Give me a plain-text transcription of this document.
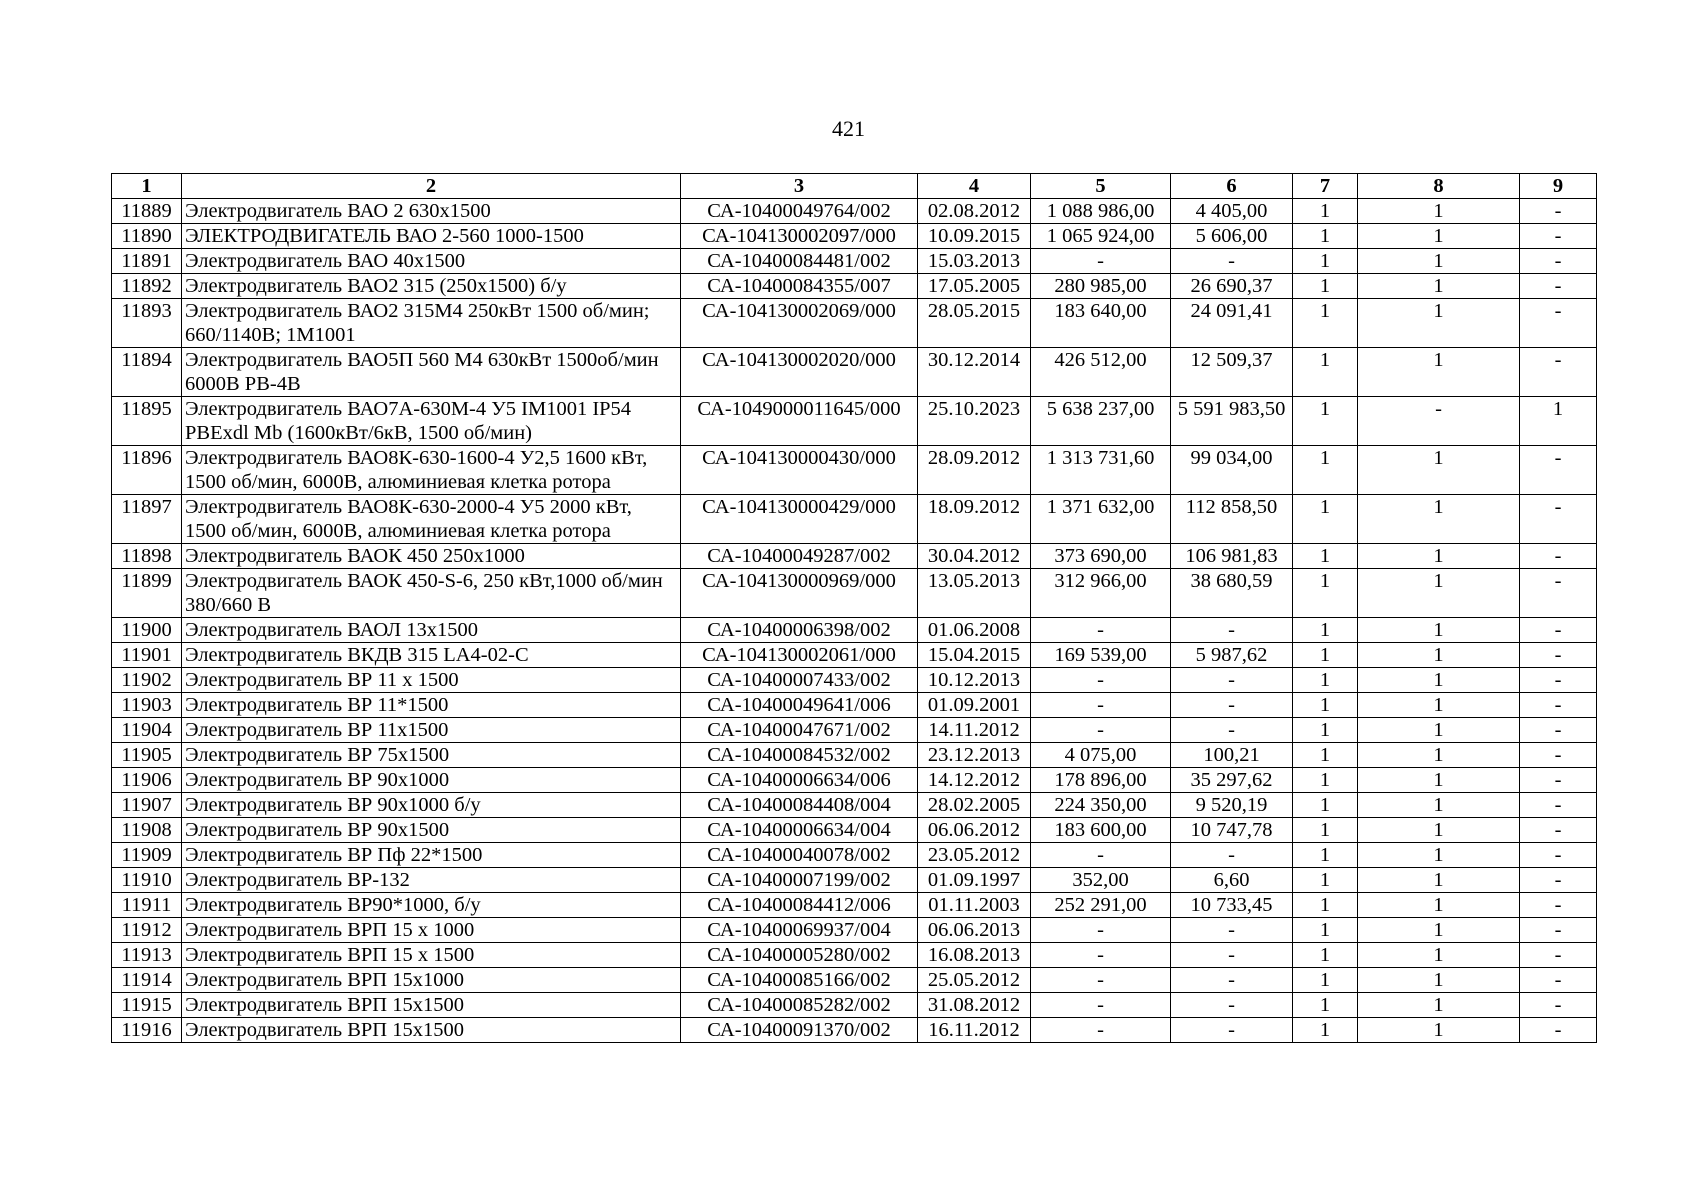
421
1	2	3	4	5	6	7	8	9
11889	Электродвигатель ВАО 2 630х1500	СА-10400049764/002	02.08.2012	1 088 986,00	4 405,00	1	1	-
11890	ЭЛЕКТРОДВИГАТЕЛЬ ВАО 2-560 1000-1500	СА-104130002097/000	10.09.2015	1 065 924,00	5 606,00	1	1	-
11891	Электродвигатель ВАО 40х1500	СА-10400084481/002	15.03.2013	-	-	1	1	-
11892	Электродвигатель ВАО2 315 (250х1500) б/у	СА-10400084355/007	17.05.2005	280 985,00	26 690,37	1	1	-
11893	Электродвигатель ВАО2 315М4 250кВт 1500 об/мин; 660/1140В; 1М1001	СА-104130002069/000	28.05.2015	183 640,00	24 091,41	1	1	-
11894	Электродвигатель ВАО5П 560 М4 630кВт 1500об/мин 6000В РВ-4В	СА-104130002020/000	30.12.2014	426 512,00	12 509,37	1	1	-
11895	Электродвигатель ВАО7А-630М-4 У5 IM1001 IP54 PBExdl Mb (1600кВт/6кВ, 1500 об/мин)	СА-1049000011645/000	25.10.2023	5 638 237,00	5 591 983,50	1	-	1
11896	Электродвигатель ВАО8К-630-1600-4 У2,5 1600 кВт, 1500 об/мин, 6000В, алюминиевая клетка ротора	СА-104130000430/000	28.09.2012	1 313 731,60	99 034,00	1	1	-
11897	Электродвигатель ВАО8К-630-2000-4 У5 2000 кВт, 1500 об/мин, 6000В, алюминиевая клетка ротора	СА-104130000429/000	18.09.2012	1 371 632,00	112 858,50	1	1	-
11898	Электродвигатель ВАОК 450 250х1000	СА-10400049287/002	30.04.2012	373 690,00	106 981,83	1	1	-
11899	Электродвигатель ВАОК 450-S-6, 250 кВт,1000 об/мин 380/660 В	СА-104130000969/000	13.05.2013	312 966,00	38 680,59	1	1	-
11900	Электродвигатель ВАОЛ 13х1500	СА-10400006398/002	01.06.2008	-	-	1	1	-
11901	Электродвигатель ВКДВ 315 LA4-02-С	СА-104130002061/000	15.04.2015	169 539,00	5 987,62	1	1	-
11902	Электродвигатель ВР 11 х 1500	СА-10400007433/002	10.12.2013	-	-	1	1	-
11903	Электродвигатель ВР 11*1500	СА-10400049641/006	01.09.2001	-	-	1	1	-
11904	Электродвигатель ВР 11х1500	СА-10400047671/002	14.11.2012	-	-	1	1	-
11905	Электродвигатель ВР 75х1500	СА-10400084532/002	23.12.2013	4 075,00	100,21	1	1	-
11906	Электродвигатель ВР 90х1000	СА-10400006634/006	14.12.2012	178 896,00	35 297,62	1	1	-
11907	Электродвигатель ВР 90х1000 б/у	СА-10400084408/004	28.02.2005	224 350,00	9 520,19	1	1	-
11908	Электродвигатель ВР 90х1500	СА-10400006634/004	06.06.2012	183 600,00	10 747,78	1	1	-
11909	Электродвигатель ВР Пф 22*1500	СА-10400040078/002	23.05.2012	-	-	1	1	-
11910	Электродвигатель ВР-132	СА-10400007199/002	01.09.1997	352,00	6,60	1	1	-
11911	Электродвигатель ВР90*1000, б/у	СА-10400084412/006	01.11.2003	252 291,00	10 733,45	1	1	-
11912	Электродвигатель ВРП 15 х 1000	СА-10400069937/004	06.06.2013	-	-	1	1	-
11913	Электродвигатель ВРП 15 х 1500	СА-10400005280/002	16.08.2013	-	-	1	1	-
11914	Электродвигатель ВРП 15х1000	СА-10400085166/002	25.05.2012	-	-	1	1	-
11915	Электродвигатель ВРП 15х1500	СА-10400085282/002	31.08.2012	-	-	1	1	-
11916	Электродвигатель ВРП 15х1500	СА-10400091370/002	16.11.2012	-	-	1	1	-
